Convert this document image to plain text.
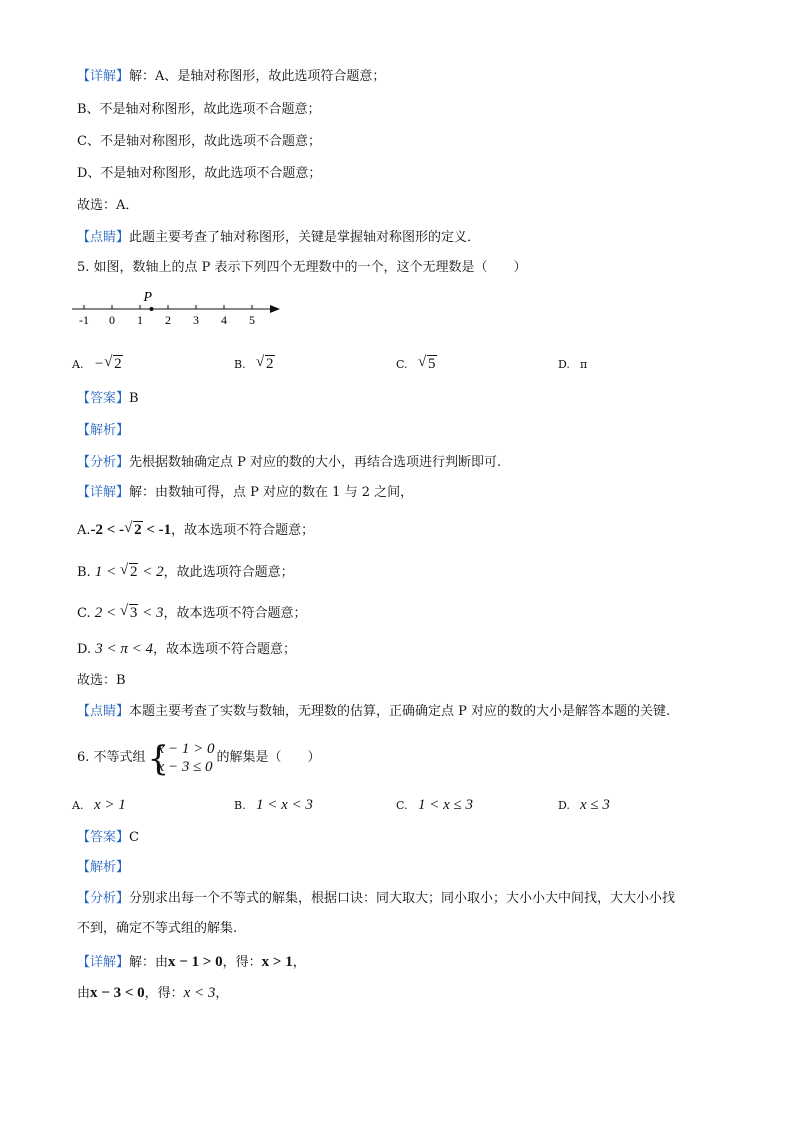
【详解】解：A、是轴对称图形，故此选项符合题意；
B、不是轴对称图形，故此选项不合题意；
C、不是轴对称图形，故此选项不合题意；
D、不是轴对称图形，故此选项不合题意；
故选：A．
【点睛】此题主要考查了轴对称图形，关键是掌握轴对称图形的定义．
5. 如图，数轴上的点 P 表示下列四个无理数中的一个，这个无理数是（　　）
-1 0 1 2 3 4 5
P
A. − √ 2	B. √ 2	C. √ 5	D. π
【答案】B
【解析】
【分析】先根据数轴确定点 P 对应的数的大小，再结合选项进行判断即可.
【详解】解：由数轴可得，点 P 对应的数在 1 与 2 之间，
A.-2 < - √ 2 < -1，故本选项不符合题意；
B. 1 < √ 2 < 2，故此选项符合题意；
C. 2 < √ 3 < 3，故本选项不符合题意；
D. 3 < π < 4，故本选项不符合题意；
故选：B
【点睛】本题主要考查了实数与数轴，无理数的估算，正确确定点 P 对应的数的大小是解答本题的关键.
6. 不等式组 {
x − 1 > 0
x − 3 ≤ 0
的解集是（　　）
A. x > 1	B. 1 < x < 3	C. 1 < x ≤ 3	D. x ≤ 3
【答案】C
【解析】
【分析】分别求出每一个不等式的解集，根据口诀：同大取大；同小取小；大小小大中间找，大大小小找
不到，确定不等式组的解集.
【详解】解：由x − 1 > 0，得：x > 1，
由x − 3 < 0，得：x < 3，
